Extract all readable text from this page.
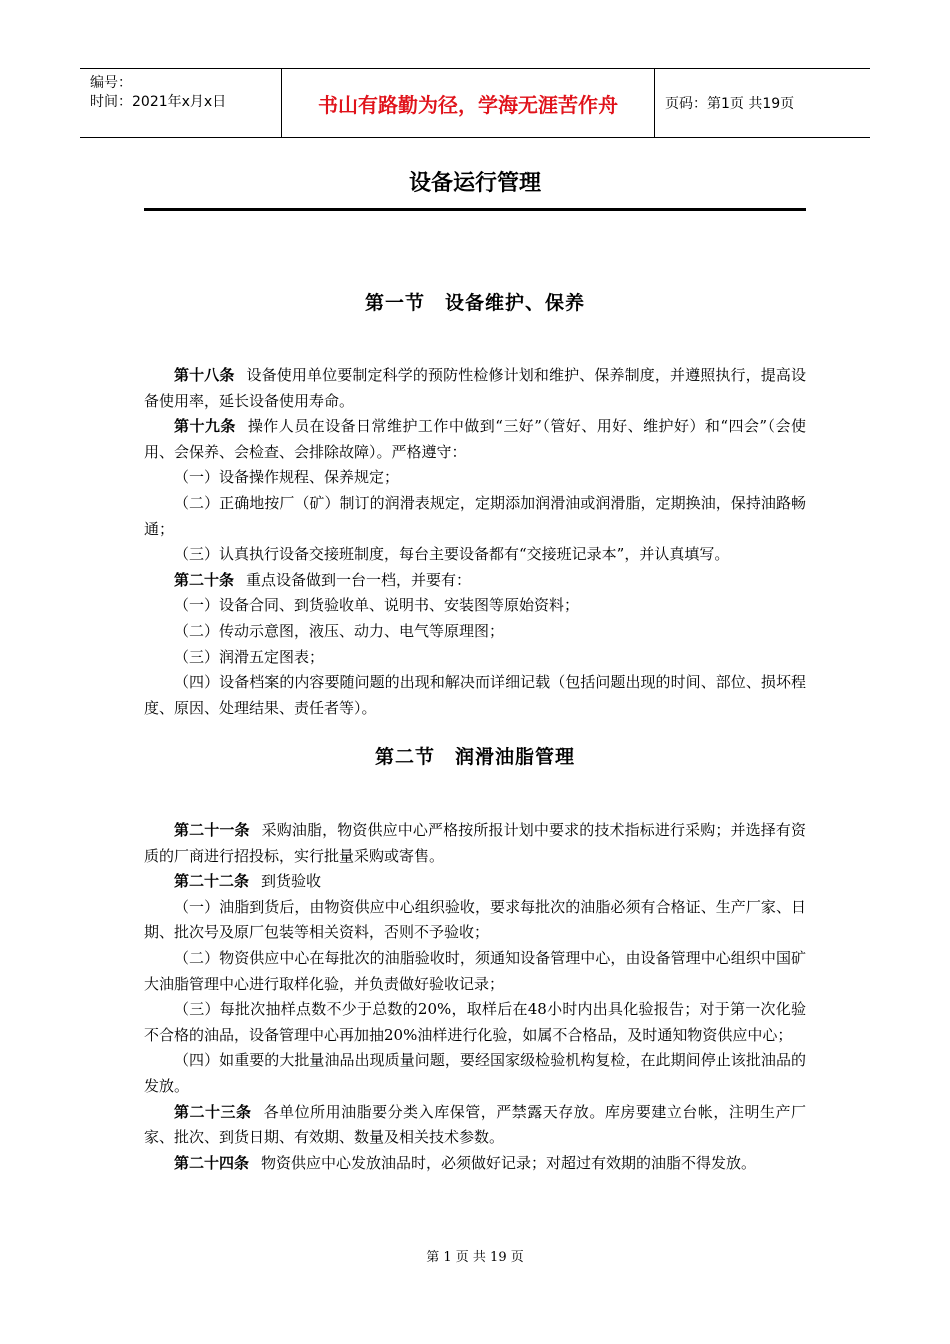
编号：
时间：2021年x月x日	书山有路勤为径，学海无涯苦作舟	页码：第1页 共19页
设备运行管理
第一节　设备维护、保养

第十八条 设备使用单位要制定科学的预防性检修计划和维护、保养制度，并遵照执行，提高设备使用率，延长设备使用寿命。

第十九条 操作人员在设备日常维护工作中做到“三好”（管好、用好、维护好）和“四会”（会使用、会保养、会检查、会排除故障）。严格遵守：

（一）设备操作规程、保养规定；

（二）正确地按厂（矿）制订的润滑表规定，定期添加润滑油或润滑脂，定期换油，保持油路畅通；

（三）认真执行设备交接班制度，每台主要设备都有“交接班记录本”，并认真填写。

第二十条 重点设备做到一台一档，并要有：

（一）设备合同、到货验收单、说明书、安装图等原始资料；

（二）传动示意图，液压、动力、电气等原理图；

（三）润滑五定图表；

（四）设备档案的内容要随问题的出现和解决而详细记载（包括问题出现的时间、部位、损坏程度、原因、处理结果、责任者等）。

第二节　润滑油脂管理

第二十一条 采购油脂，物资供应中心严格按所报计划中要求的技术指标进行采购；并选择有资质的厂商进行招投标，实行批量采购或寄售。

第二十二条 到货验收

（一）油脂到货后，由物资供应中心组织验收，要求每批次的油脂必须有合格证、生产厂家、日期、批次号及原厂包装等相关资料，否则不予验收；

（二）物资供应中心在每批次的油脂验收时，须通知设备管理中心，由设备管理中心组织中国矿大油脂管理中心进行取样化验，并负责做好验收记录；

（三）每批次抽样点数不少于总数的20%，取样后在48小时内出具化验报告；对于第一次化验不合格的油品，设备管理中心再加抽20%油样进行化验，如属不合格品，及时通知物资供应中心；

（四）如重要的大批量油品出现质量问题，要经国家级检验机构复检，在此期间停止该批油品的发放。

第二十三条 各单位所用油脂要分类入库保管，严禁露天存放。库房要建立台帐，注明生产厂家、批次、到货日期、有效期、数量及相关技术参数。

第二十四条 物资供应中心发放油品时，必须做好记录；对超过有效期的油脂不得发放。

第 1 页 共 19 页
